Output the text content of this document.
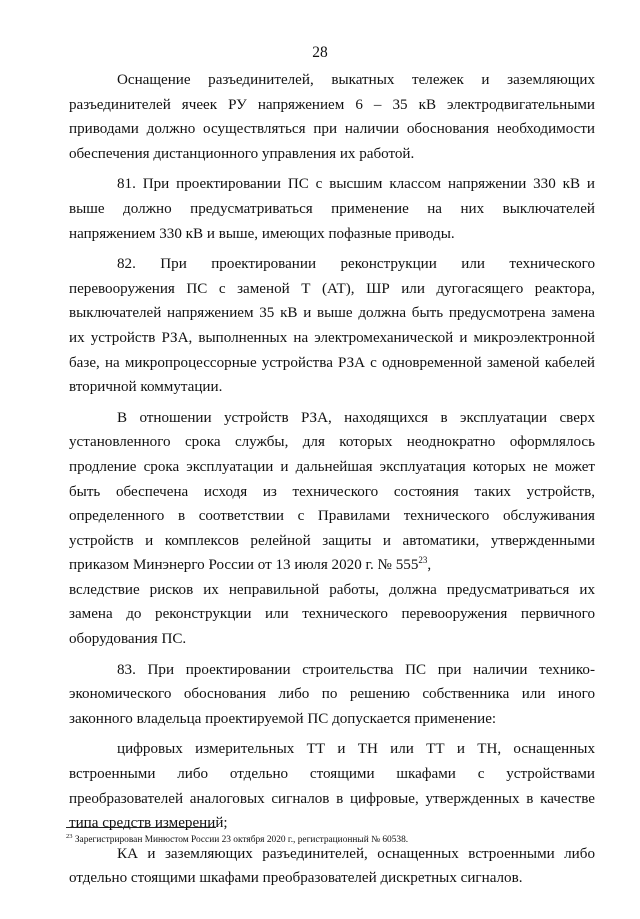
28

Оснащение разъединителей, выкатных тележек и заземляющих разъединителей ячеек РУ напряжением 6 – 35 кВ электродвигательными приводами должно осуществляться при наличии обоснования необходимости обеспечения дистанционного управления их работой.

81. При проектировании ПС с высшим классом напряжении 330 кВ и выше должно предусматриваться применение на них выключателей напряжением 330 кВ и выше, имеющих пофазные приводы.

82. При проектировании реконструкции или технического перевооружения ПС с заменой Т (АТ), ШР или дугогасящего реактора, выключателей напряжением 35 кВ и выше должна быть предусмотрена замена их устройств РЗА, выполненных на электромеханической и микроэлектронной базе, на микропроцессорные устройства РЗА с одновременной заменой кабелей вторичной коммутации.

В отношении устройств РЗА, находящихся в эксплуатации сверх установленного срока службы, для которых неоднократно оформлялось продление срока эксплуатации и дальнейшая эксплуатация которых не может быть обеспечена исходя из технического состояния таких устройств, определенного в соответствии с Правилами технического обслуживания устройств и комплексов релейной защиты и автоматики, утвержденными приказом Минэнерго России от 13 июля 2020 г. № $555^{23}$,

вследствие рисков их неправильной работы, должна предусматриваться их замена до реконструкции или технического перевооружения первичного оборудования ПС.

83. При проектировании строительства ПС при наличии технико-экономического обоснования либо по решению собственника или иного законного владельца проектируемой ПС допускается применение:

цифровых измерительных ТТ и ТН или ТТ и ТН, оснащенных встроенными либо отдельно стоящими шкафами с устройствами преобразователей аналоговых сигналов в цифровые, утвержденных в качестве типа средств измерений;

КА и заземляющих разъединителей, оснащенных встроенными либо отдельно стоящими шкафами преобразователей дискретных сигналов.

$^{23}$ Зарегистрирован Минюстом России 23 октября 2020 г., регистрационный № 60538.
